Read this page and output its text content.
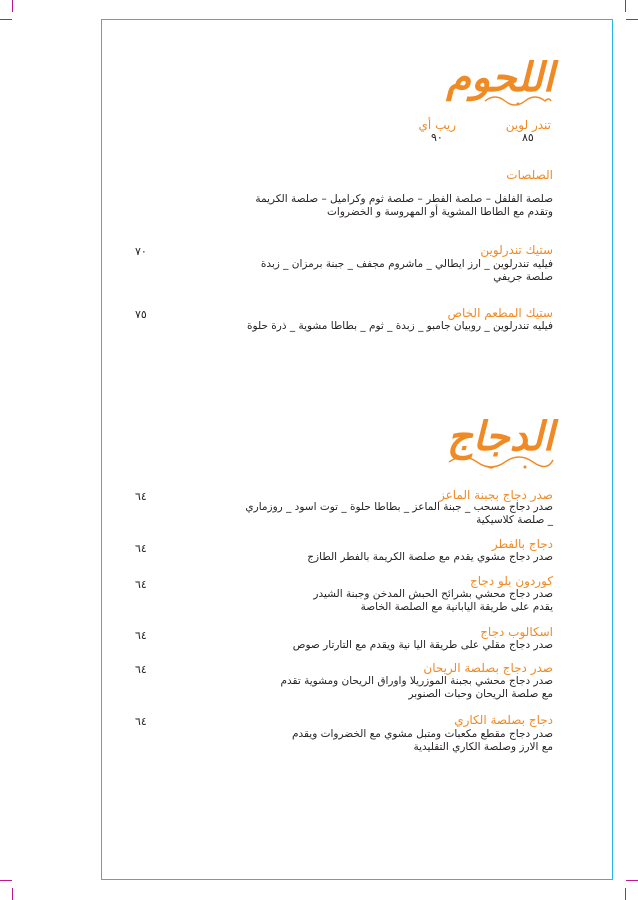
اللحوم
تندر لوين
٨٥
ريب أي
٩٠
الصلصات
صلصة الفلفل – صلصة الفطر – صلصة ثوم وكراميل – صلصة الكريمة
وتقدم مع الطاطا المشوية أو المهروسة و الخضروات
ستيك تندرلوين
٧٠
فيليه تندرلوين _ ارز ايطالي _ ماشروم مجفف _ جبنة برمزان _ زبدة
صلصة جريفي
ستيك المطعم الخاص
٧٥
فيليه تندرلوين _ روبيان جامبو _ زبدة _ ثوم _ بطاطا مشوية _ ذرة حلوة
الدجاج
صدر دجاج بجبنة الماعز
٦٤
صدر دجاج مسحب _ جبنة الماعز _ بطاطا حلوة _ توت اسود _ روزماري
_ صلصة كلاسيكية
دجاج بالفطر
٦٤
صدر دجاج مشوي يقدم مع صلصة الكريمة بالفطر الطازج
كوردون بلو دجاج
٦٤
صدر دجاج محشي بشرائح الحبش المدخن وجبنة الشيدر
يقدم على طريقة اليابانية مع الصلصة الخاصة
اسكالوب دجاج
٦٤
صدر دجاج مقلي على طريقة اليا نية ويقدم مع التارتار صوص
صدر دجاج بصلصة الريحان
٦٤
صدر دجاج محشي بجبنة الموزريلا واوراق الريحان ومشوية تقدم
مع صلصة الريحان وحبات الصنوبر
دجاج بصلصة الكاري
٦٤
صدر دجاج مقطع مكعبات ومتبل مشوي مع الخضروات ويقدم
مع الارز وصلصة الكاري التقليدية
